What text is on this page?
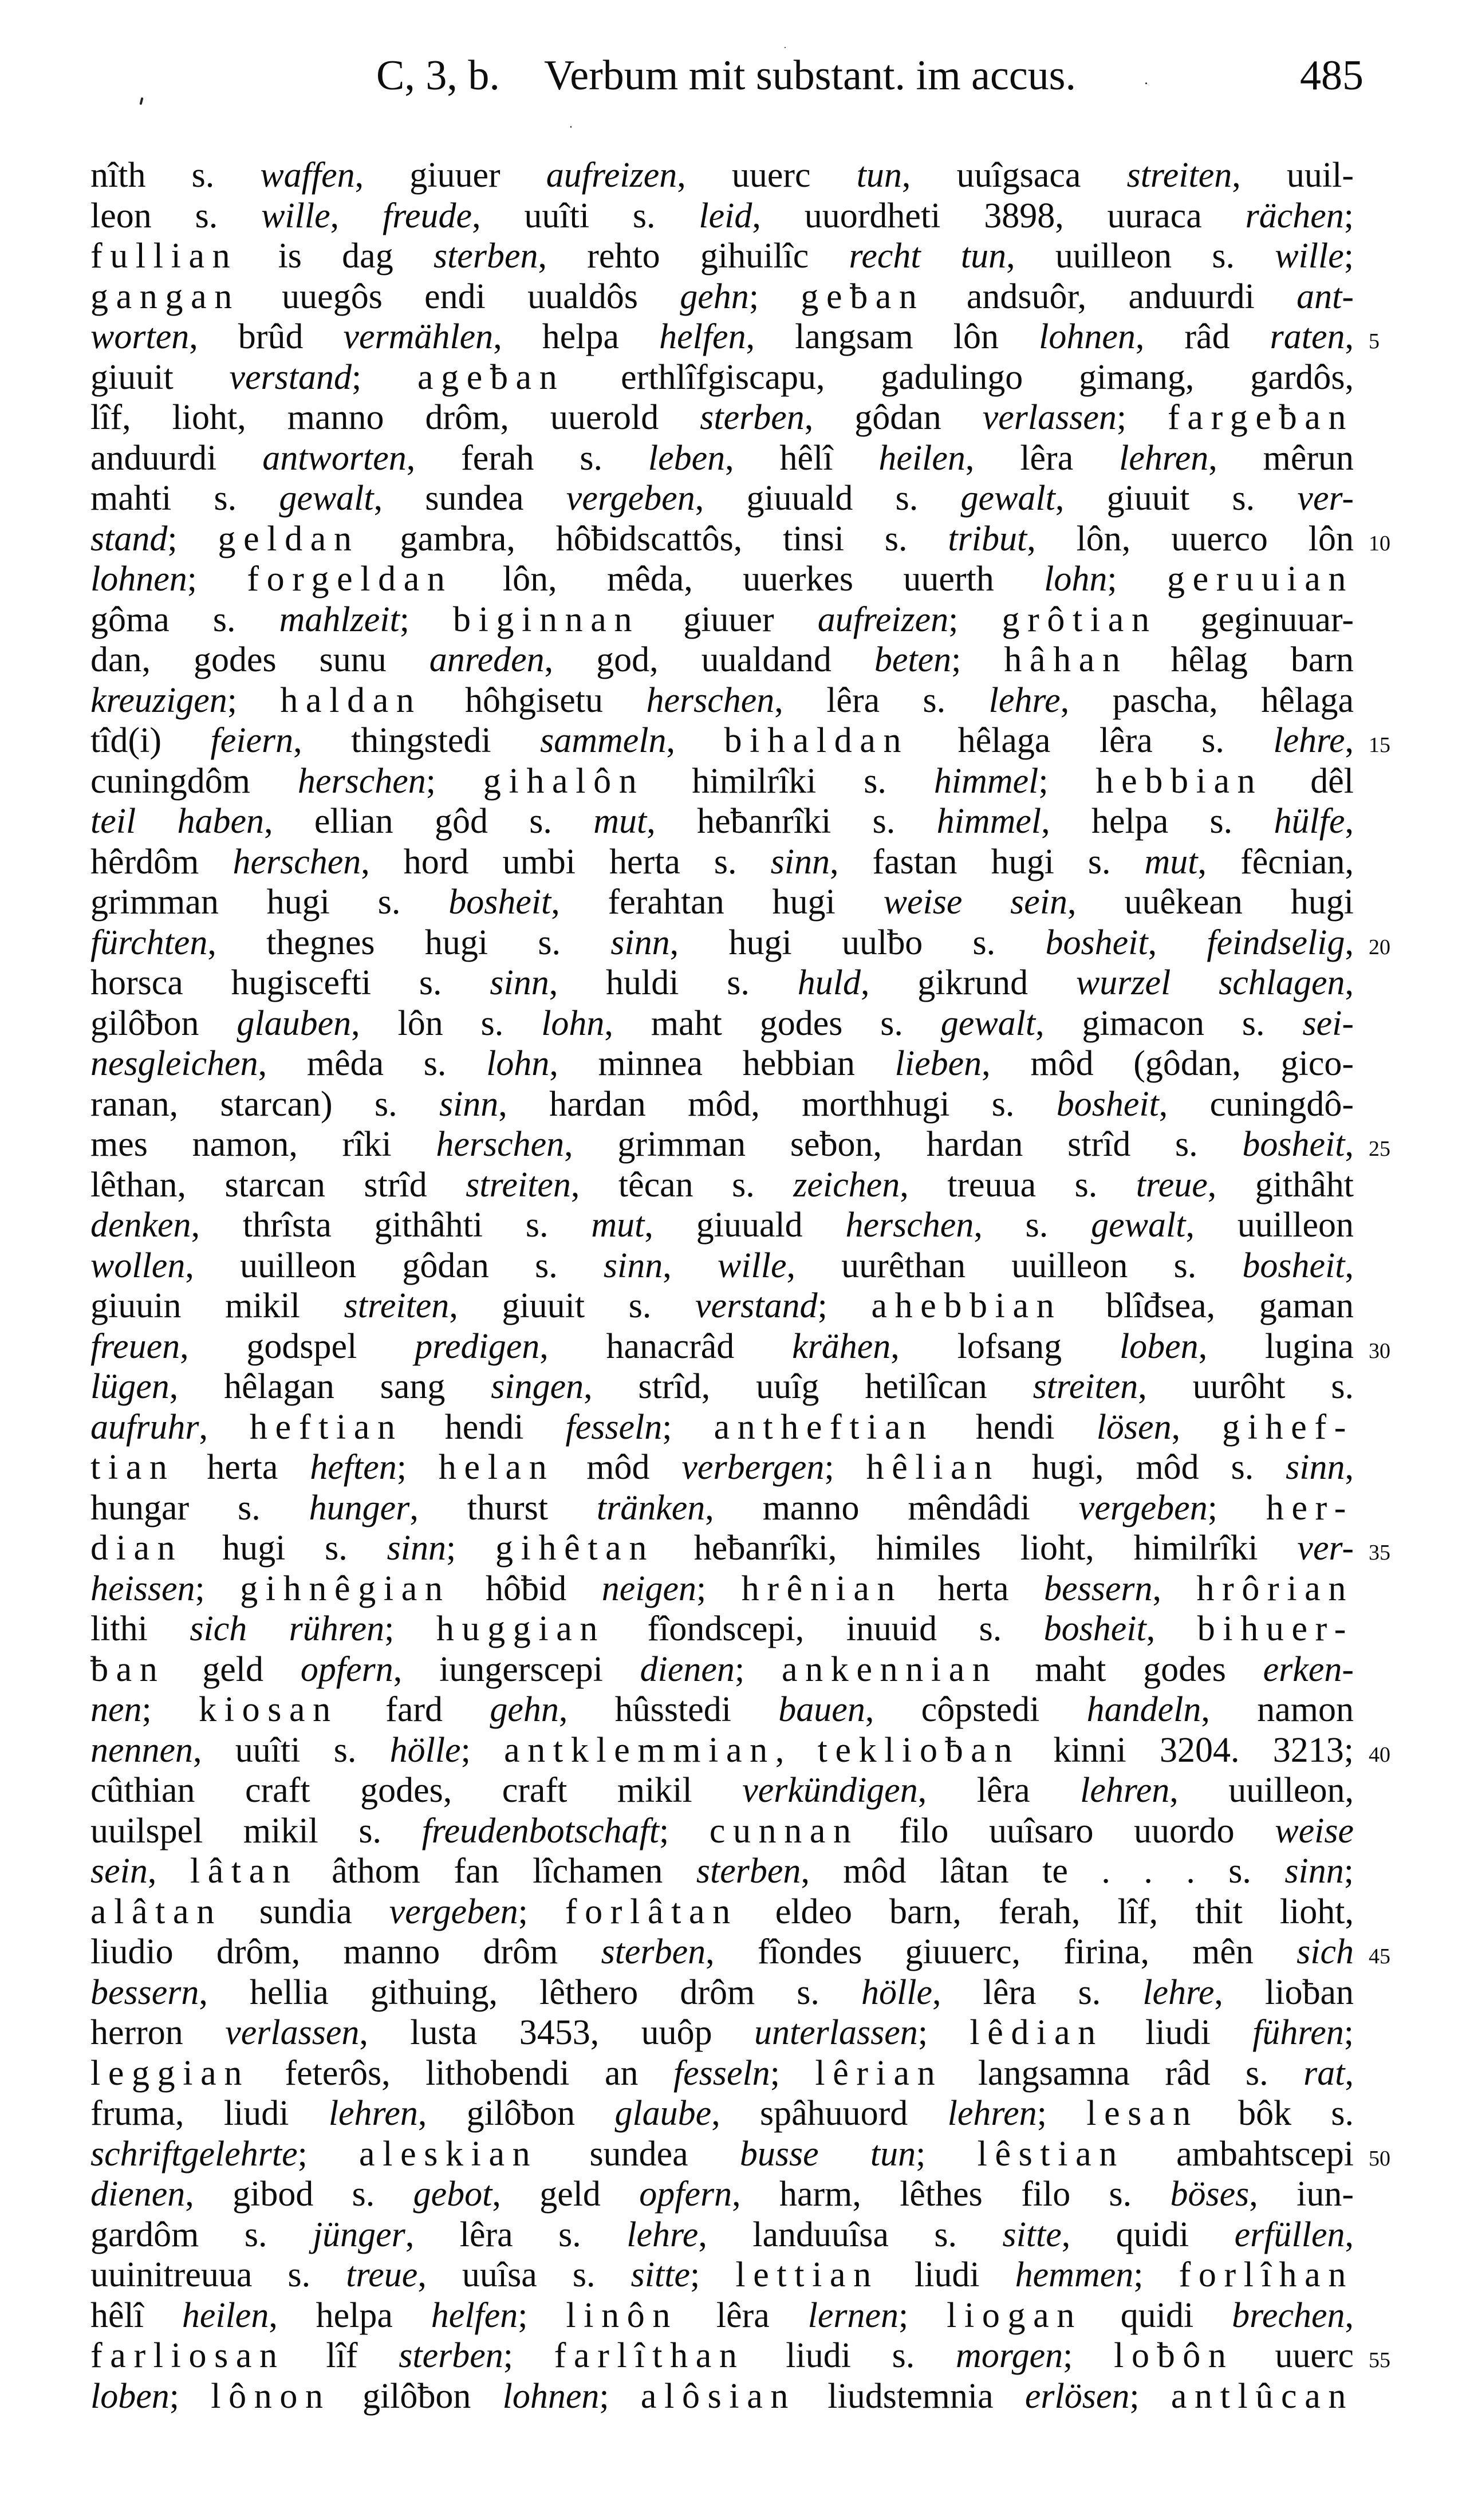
C, 3, b. Verbum mit substant. im accus.	485
nîth s. waffen, giuuer aufreizen, uuerc tun, uuîgsaca streiten, uuil-
leon s. wille, freude, uuîti s. leid, uuordheti 3898, uuraca rächen;
fullian is dag sterben, rehto gihuilîc recht tun, uuilleon s. wille;
gangan uuegôs endi uualdôs gehn; geƀan andsuôr, anduurdi ant-
worten, brûd vermählen, helpa helfen, langsam lôn lohnen, râd raten, 5
giuuit verstand; ageƀan erthlîfgiscapu, gadulingo gimang, gardôs,
lîf, lioht, manno drôm, uuerold sterben, gôdan verlassen; fargeƀan
anduurdi antworten, ferah s. leben, hêlî heilen, lêra lehren, mêrun
mahti s. gewalt, sundea vergeben, giuuald s. gewalt, giuuit s. ver-
stand; geldan gambra, hôƀidscattôs, tinsi s. tribut, lôn, uuerco lôn 10
lohnen; forgeldan lôn, mêda, uuerkes uuerth lohn; geruuian
gôma s. mahlzeit; biginnan giuuer aufreizen; grôtian geginuuar-
dan, godes sunu anreden, god, uualdand beten; hâhan hêlag barn
kreuzigen; haldan hôhgisetu herschen, lêra s. lehre, pascha, hêlaga
tîd(i) feiern, thingstedi sammeln, bihaldan hêlaga lêra s. lehre, 15
cuningdôm herschen; gihalôn himilrîki s. himmel; hebbian dêl
teil haben, ellian gôd s. mut, heƀanrîki s. himmel, helpa s. hülfe,
hêrdôm herschen, hord umbi herta s. sinn, fastan hugi s. mut, fêcnian,
grimman hugi s. bosheit, ferahtan hugi weise sein, uuêkean hugi
fürchten, thegnes hugi s. sinn, hugi uulƀo s. bosheit, feindselig, 20
horsca hugiscefti s. sinn, huldi s. huld, gikrund wurzel schlagen,
gilôƀon glauben, lôn s. lohn, maht godes s. gewalt, gimacon s. sei-
nesgleichen, mêda s. lohn, minnea hebbian lieben, môd (gôdan, gico-
ranan, starcan) s. sinn, hardan môd, morthhugi s. bosheit, cuningdô-
mes namon, rîki herschen, grimman seƀon, hardan strîd s. bosheit, 25
lêthan, starcan strîd streiten, têcan s. zeichen, treuua s. treue, githâht
denken, thrîsta githâhti s. mut, giuuald herschen, s. gewalt, uuilleon
wollen, uuilleon gôdan s. sinn, wille, uurêthan uuilleon s. bosheit,
giuuin mikil streiten, giuuit s. verstand; ahebbian blîđsea, gaman
freuen, godspel predigen, hanacrâd krähen, lofsang loben, lugina 30
lügen, hêlagan sang singen, strîd, uuîg hetilîcan streiten, uurôht s.
aufruhr, heftian hendi fesseln; antheftian hendi lösen, gihef-
tian herta heften; helan môd verbergen; hêlian hugi, môd s. sinn,
hungar s. hunger, thurst tränken, manno mêndâdi vergeben; her-
dian hugi s. sinn; gihêtan heƀanrîki, himiles lioht, himilrîki ver- 35
heissen; gihnêgian hôƀid neigen; hrênian herta bessern, hrôrian
lithi sich rühren; huggian fîondscepi, inuuid s. bosheit, bihuer-
ƀan geld opfern, iungerscepi dienen; ankennian maht godes erken-
nen; kiosan fard gehn, hûsstedi bauen, côpstedi handeln, namon
nennen, uuîti s. hölle; antklemmian, teklioƀan kinni 3204. 3213; 40
cûthian craft godes, craft mikil verkündigen, lêra lehren, uuilleon,
uuilspel mikil s. freudenbotschaft; cunnan filo uuîsaro uuordo weise
sein, lâtan âthom fan lîchamen sterben, môd lâtan te . . . s. sinn;
alâtan sundia vergeben; forlâtan eldeo barn, ferah, lîf, thit lioht,
liudio drôm, manno drôm sterben, fîondes giuuerc, firina, mên sich 45
bessern, hellia githuing, lêthero drôm s. hölle, lêra s. lehre, lioƀan
herron verlassen, lusta 3453, uuôp unterlassen; lêdian liudi führen;
leggian feterôs, lithobendi an fesseln; lêrian langsamna râd s. rat,
fruma, liudi lehren, gilôƀon glaube, spâhuuord lehren; lesan bôk s.
schriftgelehrte; aleskian sundea busse tun; lêstian ambahtscepi 50
dienen, gibod s. gebot, geld opfern, harm, lêthes filo s. böses, iun-
gardôm s. jünger, lêra s. lehre, landuuîsa s. sitte, quidi erfüllen,
uuinitreuua s. treue, uuîsa s. sitte; lettian liudi hemmen; forlîhan
hêlî heilen, helpa helfen; linôn lêra lernen; liogan quidi brechen,
farliosan lîf sterben; farlîthan liudi s. morgen; loƀôn uuerc 55
loben; lônon gilôƀon lohnen; alôsian liudstemnia erlösen; antlûcan
